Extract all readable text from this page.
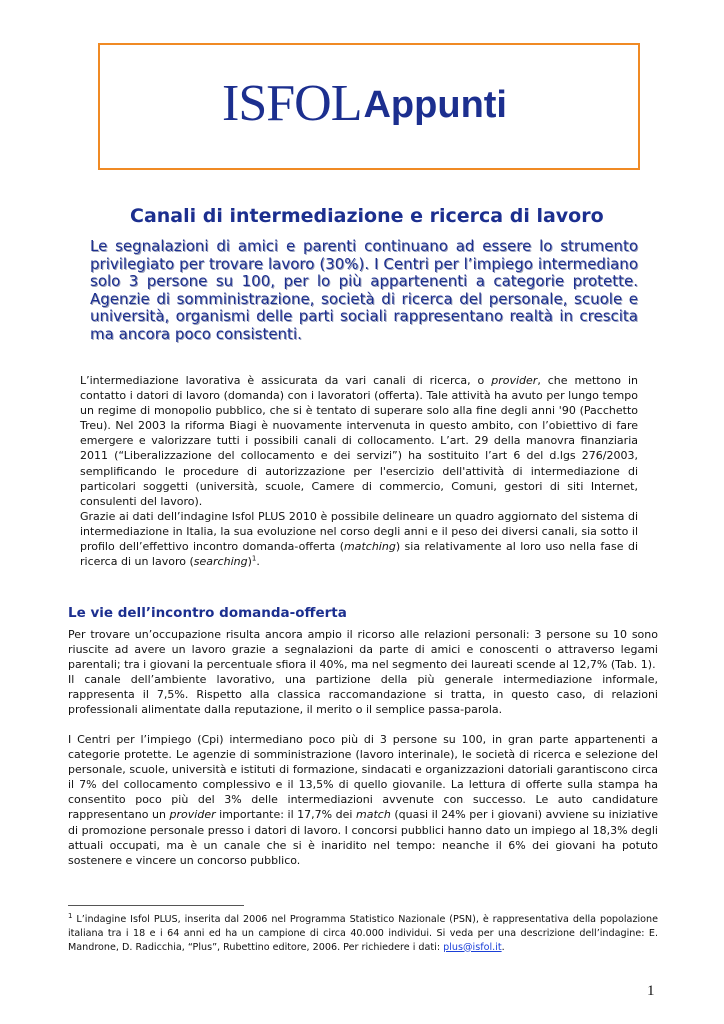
ISFOL Appunti
Canali di intermediazione e ricerca di lavoro
Le segnalazioni di amici e parenti continuano ad essere lo strumento privilegiato per trovare lavoro (30%). I Centri per l’impiego intermediano solo 3 persone su 100, per lo più appartenenti a categorie protette. Agenzie di somministrazione, società di ricerca del personale, scuole e università, organismi delle parti sociali rappresentano realtà in crescita ma ancora poco consistenti.
L’intermediazione lavorativa è assicurata da vari canali di ricerca, o provider, che mettono in contatto i datori di lavoro (domanda) con i lavoratori (offerta). Tale attività ha avuto per lungo tempo un regime di monopolio pubblico, che si è tentato di superare solo alla fine degli anni '90 (Pacchetto Treu). Nel 2003 la riforma Biagi è nuovamente intervenuta in questo ambito, con l’obiettivo di fare emergere e valorizzare tutti i possibili canali di collocamento. L’art. 29 della manovra finanziaria 2011 (“Liberalizzazione del collocamento e dei servizi”) ha sostituito l’art 6 del d.lgs 276/2003, semplificando le procedure di autorizzazione per l'esercizio dell'attività di intermediazione di particolari soggetti (università, scuole, Camere di commercio, Comuni, gestori di siti Internet, consulenti del lavoro).
Grazie ai dati dell’indagine Isfol PLUS 2010 è possibile delineare un quadro aggiornato del sistema di intermediazione in Italia, la sua evoluzione nel corso degli anni e il peso dei diversi canali, sia sotto il profilo dell’effettivo incontro domanda-offerta (matching) sia relativamente al loro uso nella fase di ricerca di un lavoro (searching)$^1$.
Le vie dell’incontro domanda-offerta
Per trovare un’occupazione risulta ancora ampio il ricorso alle relazioni personali: 3 persone su 10 sono riuscite ad avere un lavoro grazie a segnalazioni da parte di amici e conoscenti o attraverso legami parentali; tra i giovani la percentuale sfiora il 40%, ma nel segmento dei laureati scende al 12,7% (Tab. 1).
Il canale dell’ambiente lavorativo, una partizione della più generale intermediazione informale, rappresenta il 7,5%. Rispetto alla classica raccomandazione si tratta, in questo caso, di relazioni professionali alimentate dalla reputazione, il merito o il semplice passa-parola.
I Centri per l’impiego (Cpi) intermediano poco più di 3 persone su 100, in gran parte appartenenti a categorie protette. Le agenzie di somministrazione (lavoro interinale), le società di ricerca e selezione del personale, scuole, università e istituti di formazione, sindacati e organizzazioni datoriali garantiscono circa il 7% del collocamento complessivo e il 13,5% di quello giovanile. La lettura di offerte sulla stampa ha consentito poco più del 3% delle intermediazioni avvenute con successo. Le auto candidature rappresentano un provider importante: il 17,7% dei match (quasi il 24% per i giovani) avviene su iniziative di promozione personale presso i datori di lavoro. I concorsi pubblici hanno dato un impiego al 18,3% degli attuali occupati, ma è un canale che si è inaridito nel tempo: neanche il 6% dei giovani ha potuto sostenere e vincere un concorso pubblico.
$^1$ L’indagine Isfol PLUS, inserita dal 2006 nel Programma Statistico Nazionale (PSN), è rappresentativa della popolazione italiana tra i 18 e i 64 anni ed ha un campione di circa 40.000 individui. Si veda per una descrizione dell’indagine: E. Mandrone, D. Radicchia, “Plus”, Rubettino editore, 2006. Per richiedere i dati: plus@isfol.it.
1
